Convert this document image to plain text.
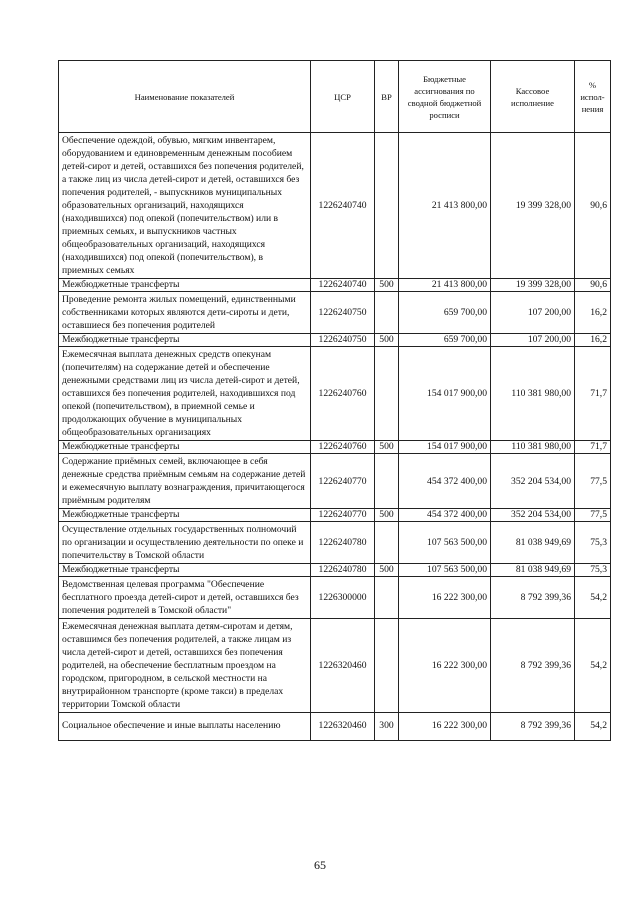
Наименование показателей	ЦСР	ВР	Бюджетные ассигнования по сводной бюджетной росписи	Кассовое исполнение	% испол- нения
Обеспечение одеждой, обувью, мягким инвентарем, оборудованием и единовременным денежным пособием детей-сирот и детей, оставшихся без попечения родителей, а также лиц из числа детей-сирот и детей, оставшихся без попечения родителей, - выпускников муниципальных образовательных организаций, находящихся (находившихся) под опекой (попечительством) или в приемных семьях, и выпускников частных общеобразовательных организаций, находящихся (находившихся) под опекой (попечительством), в приемных семьях	1226240740		21 413 800,00	19 399 328,00	90,6
Межбюджетные трансферты	1226240740	500	21 413 800,00	19 399 328,00	90,6
Проведение ремонта жилых помещений, единственными собственниками которых являются дети-сироты и дети, оставшиеся без попечения родителей	1226240750		659 700,00	107 200,00	16,2
Межбюджетные трансферты	1226240750	500	659 700,00	107 200,00	16,2
Ежемесячная выплата денежных средств опекунам (попечителям) на содержание детей и обеспечение денежными средствами лиц из числа детей-сирот и детей, оставшихся без попечения родителей, находившихся под опекой (попечительством), в приемной семье и продолжающих обучение в муниципальных общеобразовательных организациях	1226240760		154 017 900,00	110 381 980,00	71,7
Межбюджетные трансферты	1226240760	500	154 017 900,00	110 381 980,00	71,7
Содержание приёмных семей, включающее в себя денежные средства приёмным семьям на содержание детей и ежемесячную выплату вознаграждения, причитающегося приёмным родителям	1226240770		454 372 400,00	352 204 534,00	77,5
Межбюджетные трансферты	1226240770	500	454 372 400,00	352 204 534,00	77,5
Осуществление отдельных государственных полномочий по организации и осуществлению деятельности по опеке и попечительству в Томской области	1226240780		107 563 500,00	81 038 949,69	75,3
Межбюджетные трансферты	1226240780	500	107 563 500,00	81 038 949,69	75,3
Ведомственная целевая программа "Обеспечение бесплатного проезда детей-сирот и детей, оставшихся без попечения родителей в Томской области"	1226300000		16 222 300,00	8 792 399,36	54,2
Ежемесячная денежная выплата детям-сиротам и детям, оставшимся без попечения родителей, а также лицам из числа детей-сирот и детей, оставшихся без попечения родителей, на обеспечение бесплатным проездом на городском, пригородном, в сельской местности на внутрирайонном транспорте (кроме такси) в пределах территории Томской области	1226320460		16 222 300,00	8 792 399,36	54,2
Социальное обеспечение и иные выплаты населению	1226320460	300	16 222 300,00	8 792 399,36	54,2
65
